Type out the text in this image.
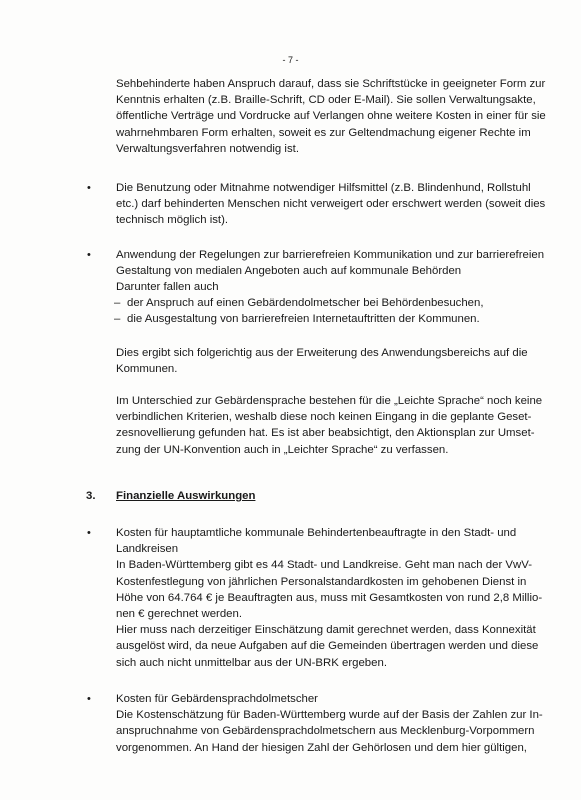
- 7 -
Sehbehinderte haben Anspruch darauf, dass sie Schriftstücke in geeigneter Form zur
Kenntnis erhalten (z.B. Braille-Schrift, CD oder E-Mail). Sie sollen Verwaltungsakte,
öffentliche Verträge und Vordrucke auf Verlangen ohne weitere Kosten in einer für sie
wahrnehmbaren Form erhalten, soweit es zur Geltendmachung eigener Rechte im
Verwaltungsverfahren notwendig ist.
• Die Benutzung oder Mitnahme notwendiger Hilfsmittel (z.B. Blindenhund, Rollstuhl
etc.) darf behinderten Menschen nicht verweigert oder erschwert werden (soweit dies
technisch möglich ist).
• Anwendung der Regelungen zur barrierefreien Kommunikation und zur barrierefreien
Gestaltung von medialen Angeboten auch auf kommunale Behörden
Darunter fallen auch
– der Anspruch auf einen Gebärdendolmetscher bei Behördenbesuchen,
– die Ausgestaltung von barrierefreien Internetauftritten der Kommunen.
Dies ergibt sich folgerichtig aus der Erweiterung des Anwendungsbereichs auf die
Kommunen.
Im Unterschied zur Gebärdensprache bestehen für die „Leichte Sprache“ noch keine
verbindlichen Kriterien, weshalb diese noch keinen Eingang in die geplante Geset-
zesnovellierung gefunden hat. Es ist aber beabsichtigt, den Aktionsplan zur Umset-
zung der UN-Konvention auch in „Leichter Sprache“ zu verfassen.
3. Finanzielle Auswirkungen
• Kosten für hauptamtliche kommunale Behindertenbeauftragte in den Stadt- und
Landkreisen
In Baden-Württemberg gibt es 44 Stadt- und Landkreise. Geht man nach der VwV-
Kostenfestlegung von jährlichen Personalstandardkosten im gehobenen Dienst in
Höhe von 64.764 € je Beauftragten aus, muss mit Gesamtkosten von rund 2,8 Millio-
nen € gerechnet werden.
Hier muss nach derzeitiger Einschätzung damit gerechnet werden, dass Konnexität
ausgelöst wird, da neue Aufgaben auf die Gemeinden übertragen werden und diese
sich auch nicht unmittelbar aus der UN-BRK ergeben.
• Kosten für Gebärdensprachdolmetscher
Die Kostenschätzung für Baden-Württemberg wurde auf der Basis der Zahlen zur In-
anspruchnahme von Gebärdensprachdolmetschern aus Mecklenburg-Vorpommern
vorgenommen. An Hand der hiesigen Zahl der Gehörlosen und dem hier gültigen,
